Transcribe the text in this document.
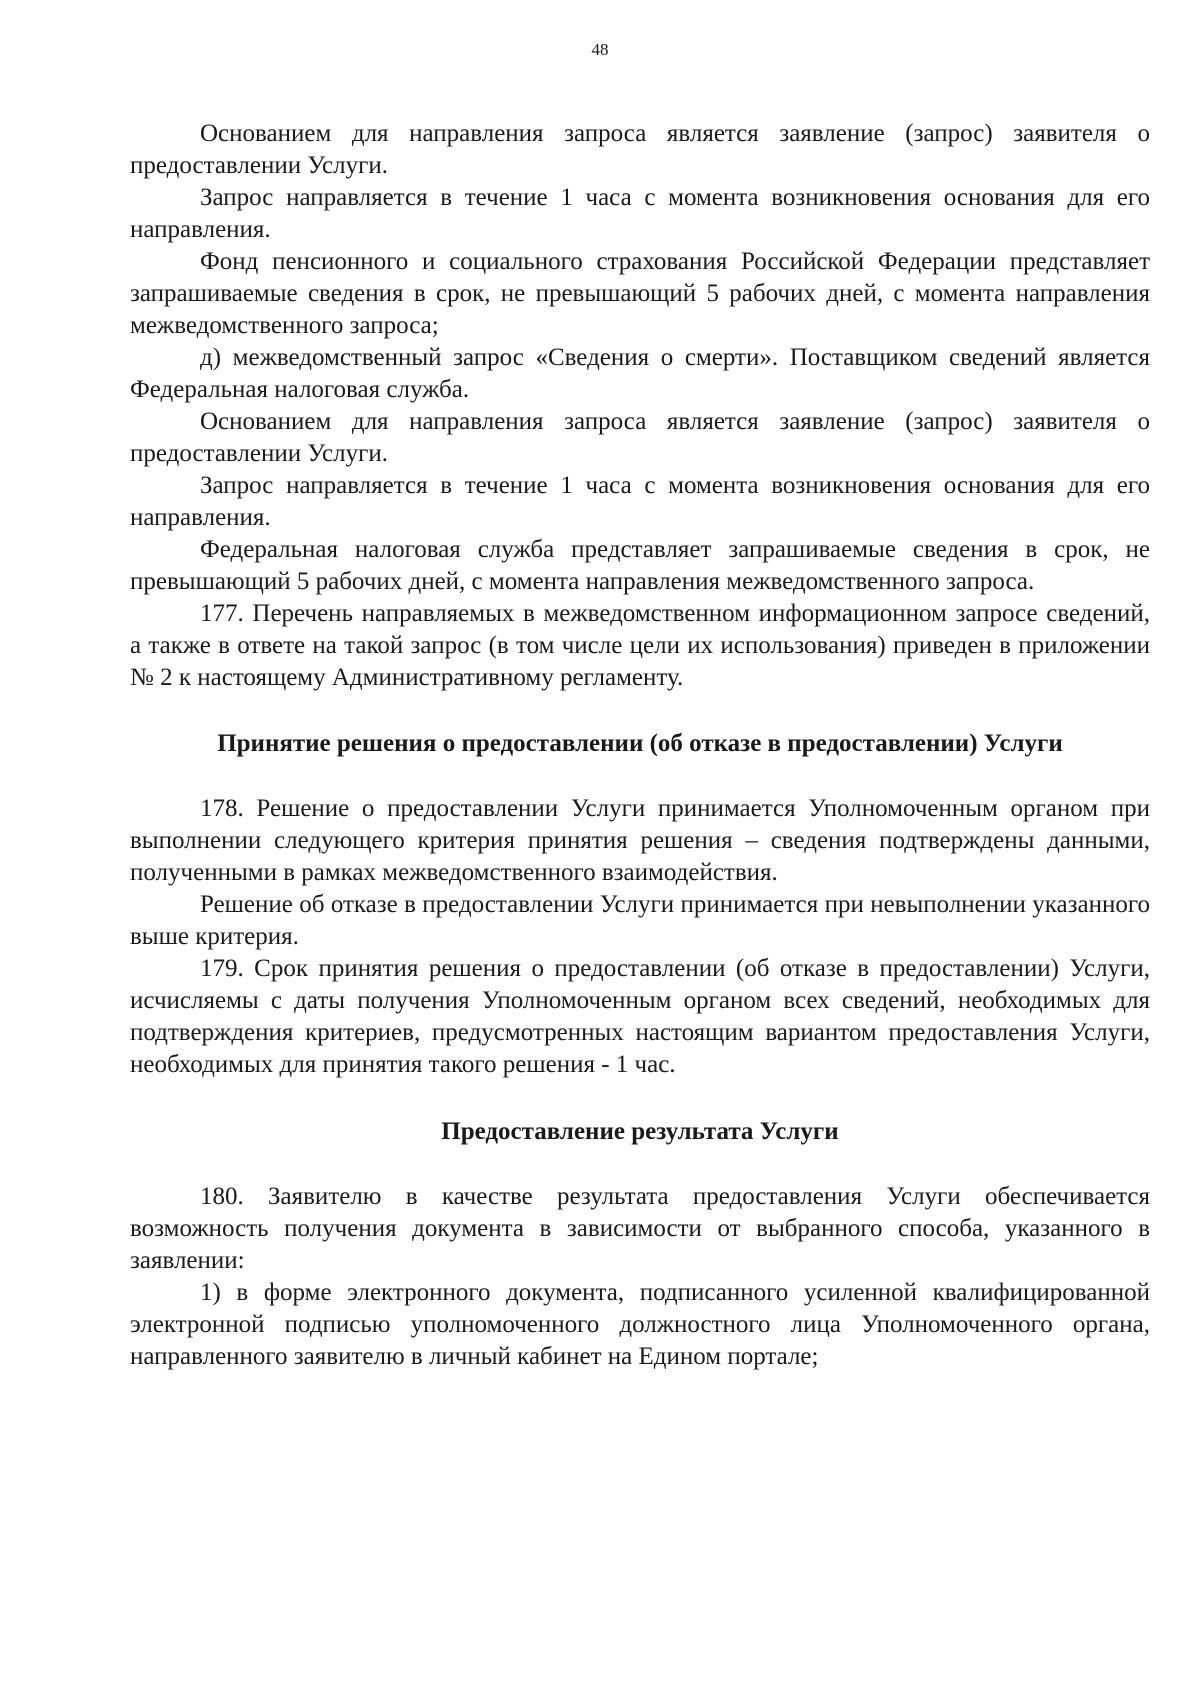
48

Основанием для направления запроса является заявление (запрос) заявителя о предоставлении Услуги.

Запрос направляется в течение 1 часа с момента возникновения основания для его направления.

Фонд пенсионного и социального страхования Российской Федерации представляет запрашиваемые сведения в срок, не превышающий 5 рабочих дней, с момента направления межведомственного запроса;

д) межведомственный запрос «Сведения о смерти». Поставщиком сведений является Федеральная налоговая служба.

Основанием для направления запроса является заявление (запрос) заявителя о предоставлении Услуги.

Запрос направляется в течение 1 часа с момента возникновения основания для его направления.

Федеральная налоговая служба представляет запрашиваемые сведения в срок, не превышающий 5 рабочих дней, с момента направления межведомственного запроса.

177. Перечень направляемых в межведомственном информационном запросе сведений, а также в ответе на такой запрос (в том числе цели их использования) приведен в приложении № 2 к настоящему Административному регламенту.

Принятие решения о предоставлении (об отказе в предоставлении) Услуги

178. Решение о предоставлении Услуги принимается Уполномоченным органом при выполнении следующего критерия принятия решения – сведения подтверждены данными, полученными в рамках межведомственного взаимодействия.

Решение об отказе в предоставлении Услуги принимается при невыполнении указанного выше критерия.

179. Срок принятия решения о предоставлении (об отказе в предоставлении) Услуги, исчисляемы с даты получения Уполномоченным органом всех сведений, необходимых для подтверждения критериев, предусмотренных настоящим вариантом предоставления Услуги, необходимых для принятия такого решения - 1 час.

Предоставление результата Услуги

180. Заявителю в качестве результата предоставления Услуги обеспечивается возможность получения документа в зависимости от выбранного способа, указанного в заявлении:

1) в форме электронного документа, подписанного усиленной квалифицированной электронной подписью уполномоченного должностного лица Уполномоченного органа, направленного заявителю в личный кабинет на Едином портале;
